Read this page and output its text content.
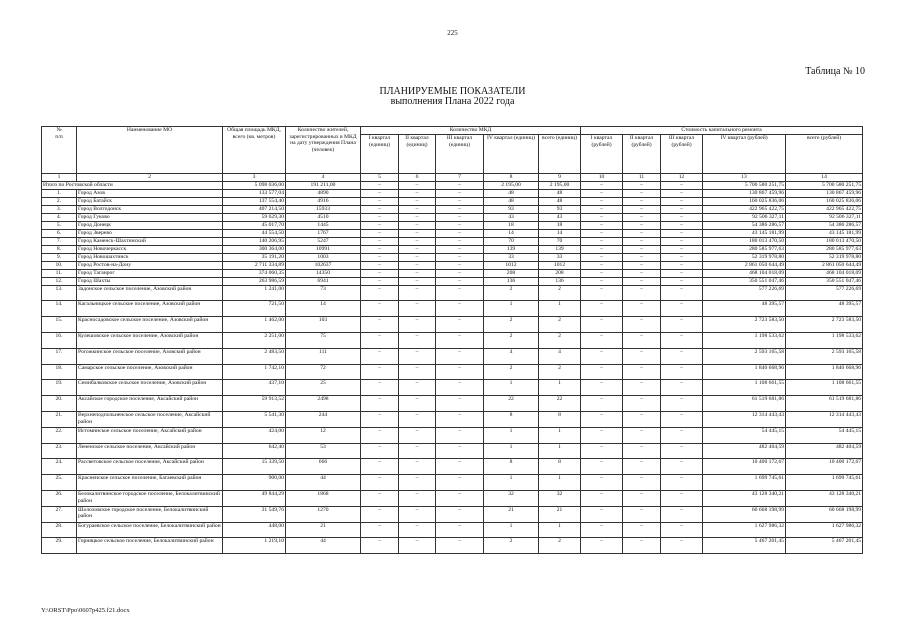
225
Таблица № 10
ПЛАНИРУЕМЫЕ ПОКАЗАТЕЛИ
выполнения Плана 2022 года
№
п/п	Наименование МО	Общая площадь МКД, всего (кв. метров)	Количество жителей, зарегистрированных в МКД на дату утверждения Плана (человек)	Количество МКД					Стоимость капитального ремонта				
				I квартал (единиц)	II квартал (единиц)	III квартал (единиц)	IV квартал (единиц)	всего (единиц)	I квартал (рублей)	II квартал (рублей)	III квартал (рублей)	IV квартал (рублей)	всего (рублей)
1	2	3	4	5	6	7	8	9	10	11	12	13	14
Итого по Ростовской области		5 098 036,00	191 211,00	–	–	–	2 195,00	2 195,00	–	–	–	5 700 580 251,75	5 700 580 251,75
1.	Город Азов	133 577,04	4890	–	–	–	48	48	–	–	–	130 867 459,96	130 867 459,96
2.	Город Батайск	137 554,40	4916	–	–	–	48	48	–	–	–	160 025 836,06	160 025 836,06
3.	Город Волгодонск	407 214,50	15933	–	–	–	93	93	–	–	–	422 965 422,75	422 965 422,75
4.	Город Гуково	59 629,30	4510	–	–	–	43	43	–	–	–	92 506 327,11	92 506 327,11
5.	Город Донецк	45 017,70	1445	–	–	–	18	18	–	–	–	54 386 286,57	54 386 286,57
6.	Город Зверево	44 554,50	1767	–	–	–	14	14	–	–	–	43 145 181,99	43 145 181,99
7.	Город Каменск-Шахтинский	140 206,95	5247	–	–	–	70	70	–	–	–	180 013 470,50	180 013 470,50
8.	Город Новочеркасск	300 364,00	10991	–	–	–	139	139	–	–	–	280 585 977,63	280 585 977,63
9.	Город Новошахтинск	35 191,20	1003	–	–	–	33	33	–	–	–	52 319 978,80	52 319 978,80
10.	Город Ростов-на-Дону	2 711 334,89	102637	–	–	–	1012	1012	–	–	–	2 861 050 644,49	2 861 050 644,49
11.	Город Таганрог	374 060,35	14350	–	–	–	208	208	–	–	–	468 104 018,09	468 104 018,09
12.	Город Шахты	263 986,59	6941	–	–	–	136	136	–	–	–	350 551 047,46	350 551 047,46
13.	Задонское сельское поселение, Азовский район	1 241,00	73	–	–	–	2	2	–	–	–	577 226,69	577 226,69
14.	Кагальницкое сельское поселение, Азовский район	721,50	14	–	–	–	1	1	–	–	–	48 395,57	48 395,57
15.	Красносадовское сельское поселение, Азовский район	1 462,00	103	–	–	–	2	2	–	–	–	2 723 583,50	2 723 583,50
16.	Кулешовское сельское поселение, Азовский район	2 251,00	75	–	–	–	2	2	–	–	–	1 198 533,62	1 198 533,62
17.	Рогожкинское сельское поселение, Азовский район	2 483,50	111	–	–	–	4	4	–	–	–	2 593 165,58	2 593 165,58
18.	Самарское сельское поселение, Азовский район	1 742,10	72	–	–	–	2	2	–	–	–	1 840 668,96	1 840 668,96
19.	Семибалковское сельское поселение, Азовский район	437,10	25	–	–	–	1	1	–	–	–	1 108 661,55	1 108 661,55
20.	Аксайское городское поселение, Аксайский район	59 913,52	2498	–	–	–	22	22	–	–	–	61 519 681,86	61 519 681,86
21.	Верхнеподпольненское сельское поселение, Аксайский район	5 541,30	244	–	–	–	8	8	–	–	–	12 314 443,43	12 314 443,43
22.	Истоминское сельское поселение, Аксайский район	424,00	12	–	–	–	1	1	–	–	–	54 445,15	54 445,15
23.	Лененское сельское поселение, Аксайский район	642,40	53	–	–	–	1	1	–	–	–	482 404,59	482 404,59
24.	Рассветовское сельское поселение, Аксайский район	15 339,50	666	–	–	–	8	8	–	–	–	10 400 172,67	10 400 172,67
25.	Красненское сельское поселение, Багаевский район	900,00	44	–	–	–	1	1	–	–	–	1 699 745,61	1 699 745,61
26.	Белокалитвинское городское поселение, Белокалитвинский район	49 844,29	1868	–	–	–	32	32	–	–	–	43 128 340,21	43 128 340,21
27.	Шолоховское городское поселение, Белокалитвинский район	31 549,76	1270	–	–	–	21	21	–	–	–	60 668 198,99	60 668 198,99
28.	Богураевское сельское поселение, Белокалитвинский район	448,00	21	–	–	–	1	1	–	–	–	1 627 986,32	1 627 986,32
29.	Горняцкое сельское поселение, Белокалитвинский район	1 219,10	44	–	–	–	2	2	–	–	–	5 467 201,45	5 467 201,45
Y:\ORST\Ppo\0607p425.f21.docx
